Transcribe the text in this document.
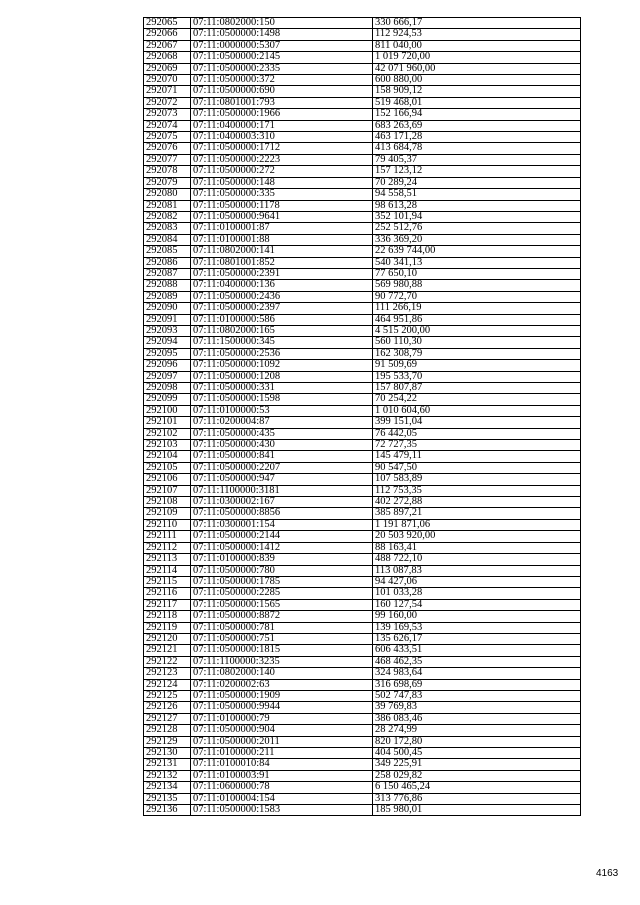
292065	07:11:0802000:150	330 666,17
292066	07:11:0500000:1498	112 924,53
292067	07:11:0000000:5307	811 040,00
292068	07:11:0500000:2145	1 019 720,00
292069	07:11:0500000:2335	42 071 960,00
292070	07:11:0500000:372	600 880,00
292071	07:11:0500000:690	158 909,12
292072	07:11:0801001:793	519 468,01
292073	07:11:0500000:1966	152 166,94
292074	07:11:0400000:171	683 263,69
292075	07:11:0400003:310	463 171,28
292076	07:11:0500000:1712	413 684,78
292077	07:11:0500000:2223	79 405,37
292078	07:11:0500000:272	157 123,12
292079	07:11:0500000:148	70 289,24
292080	07:11:0500000:335	94 558,51
292081	07:11:0500000:1178	98 613,28
292082	07:11:0500000:9641	352 101,94
292083	07:11:0100001:87	252 512,76
292084	07:11:0100001:88	336 369,20
292085	07:11:0802000:141	22 639 744,00
292086	07:11:0801001:852	540 341,13
292087	07:11:0500000:2391	77 650,10
292088	07:11:0400000:136	569 980,88
292089	07:11:0500000:2436	90 772,70
292090	07:11:0500000:2397	111 266,19
292091	07:11:0100000:586	464 951,86
292093	07:11:0802000:165	4 515 200,00
292094	07:11:1500000:345	560 110,30
292095	07:11:0500000:2536	162 308,79
292096	07:11:0500000:1092	91 509,69
292097	07:11:0500000:1208	195 533,70
292098	07:11:0500000:331	157 807,87
292099	07:11:0500000:1598	70 254,22
292100	07:11:0100000:53	1 010 604,60
292101	07:11:0200004:87	399 151,04
292102	07:11:0500000:435	76 442,05
292103	07:11:0500000:430	72 727,35
292104	07:11:0500000:841	145 479,11
292105	07:11:0500000:2207	90 547,50
292106	07:11:0500000:947	107 583,89
292107	07:11:1100000:3181	112 753,35
292108	07:11:0300002:167	402 272,88
292109	07:11:0500000:8856	385 897,21
292110	07:11:0300001:154	1 191 871,06
292111	07:11:0500000:2144	20 503 920,00
292112	07:11:0500000:1412	88 163,41
292113	07:11:0100000:839	488 722,10
292114	07:11:0500000:780	113 087,83
292115	07:11:0500000:1785	94 427,06
292116	07:11:0500000:2285	101 033,28
292117	07:11:0500000:1565	160 127,54
292118	07:11:0500000:8872	99 160,00
292119	07:11:0500000:781	139 169,53
292120	07:11:0500000:751	135 626,17
292121	07:11:0500000:1815	606 433,51
292122	07:11:1100000:3235	468 462,35
292123	07:11:0802000:140	324 983,64
292124	07:11:0200002:63	316 698,69
292125	07:11:0500000:1909	502 747,83
292126	07:11:0500000:9944	39 769,83
292127	07:11:0100000:79	386 083,46
292128	07:11:0500000:904	28 274,99
292129	07:11:0500000:2011	820 172,80
292130	07:11:0100000:211	404 500,45
292131	07:11:0100010:84	349 225,91
292132	07:11:0100003:91	258 029,82
292134	07:11:0600000:78	6 150 465,24
292135	07:11:0100004:154	313 776,86
292136	07:11:0500000:1583	185 980,01
4163
